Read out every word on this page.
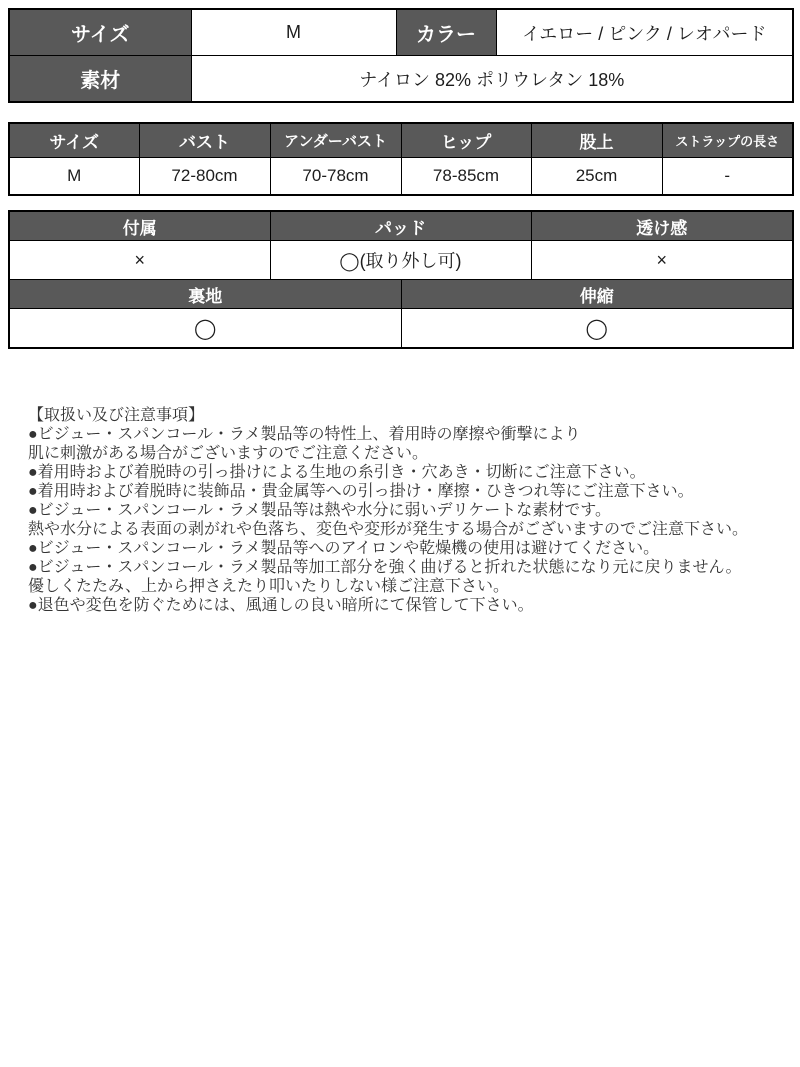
サイズ	M	カラー	イエロー / ピンク / レオパード
素材	ナイロン 82% ポリウレタン 18%		
サイズ	バスト	アンダーバスト	ヒップ	股上	ストラップの長さ
M	72-80cm	70-78cm	78-85cm	25cm	-
付属	パッド		透け感
×	◯(取り外し可)		×
裏地		伸縮	
◯		◯	
【取扱い及び注意事項】
●ビジュー・スパンコール・ラメ製品等の特性上、着用時の摩擦や衝撃により
肌に刺激がある場合がございますのでご注意ください。
●着用時および着脱時の引っ掛けによる生地の糸引き・穴あき・切断にご注意下さい。
●着用時および着脱時に装飾品・貴金属等への引っ掛け・摩擦・ひきつれ等にご注意下さい。
●ビジュー・スパンコール・ラメ製品等は熱や水分に弱いデリケートな素材です。
熱や水分による表面の剥がれや色落ち、変色や変形が発生する場合がございますのでご注意下さい。
●ビジュー・スパンコール・ラメ製品等へのアイロンや乾燥機の使用は避けてください。
●ビジュー・スパンコール・ラメ製品等加工部分を強く曲げると折れた状態になり元に戻りません。
優しくたたみ、上から押さえたり叩いたりしない様ご注意下さい。
●退色や変色を防ぐためには、風通しの良い暗所にて保管して下さい。
